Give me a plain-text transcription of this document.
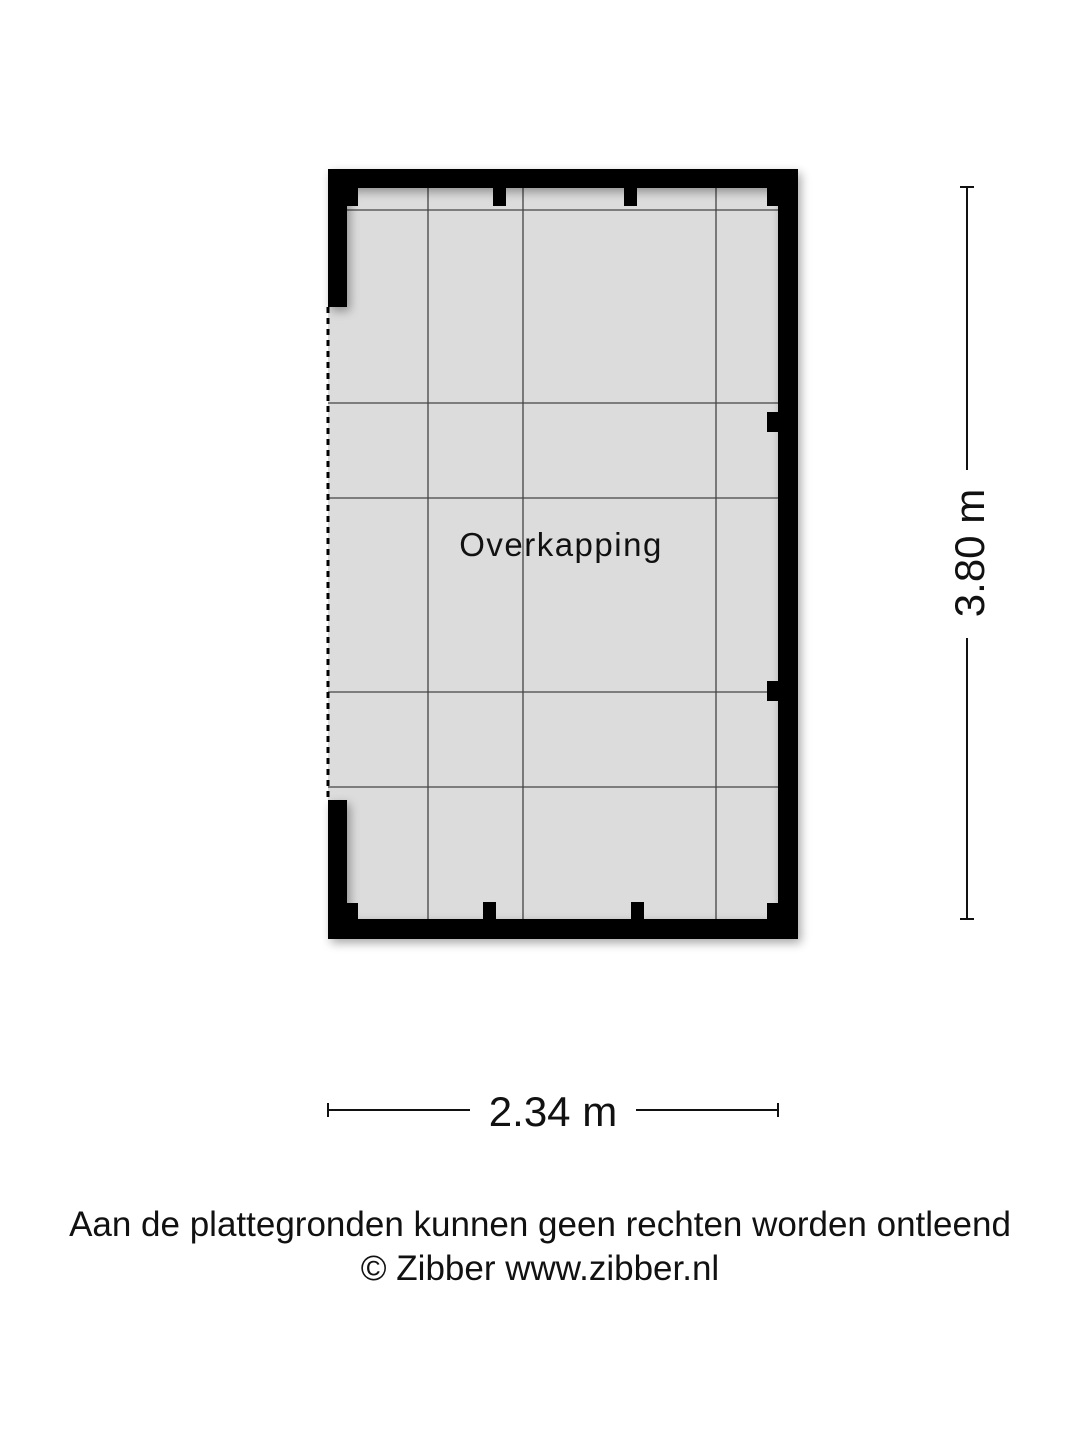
Overkapping	3.80 m
2.34 m

Aan de plattegronden kunnen geen rechten worden ontleend

© Zibber www.zibber.nl
